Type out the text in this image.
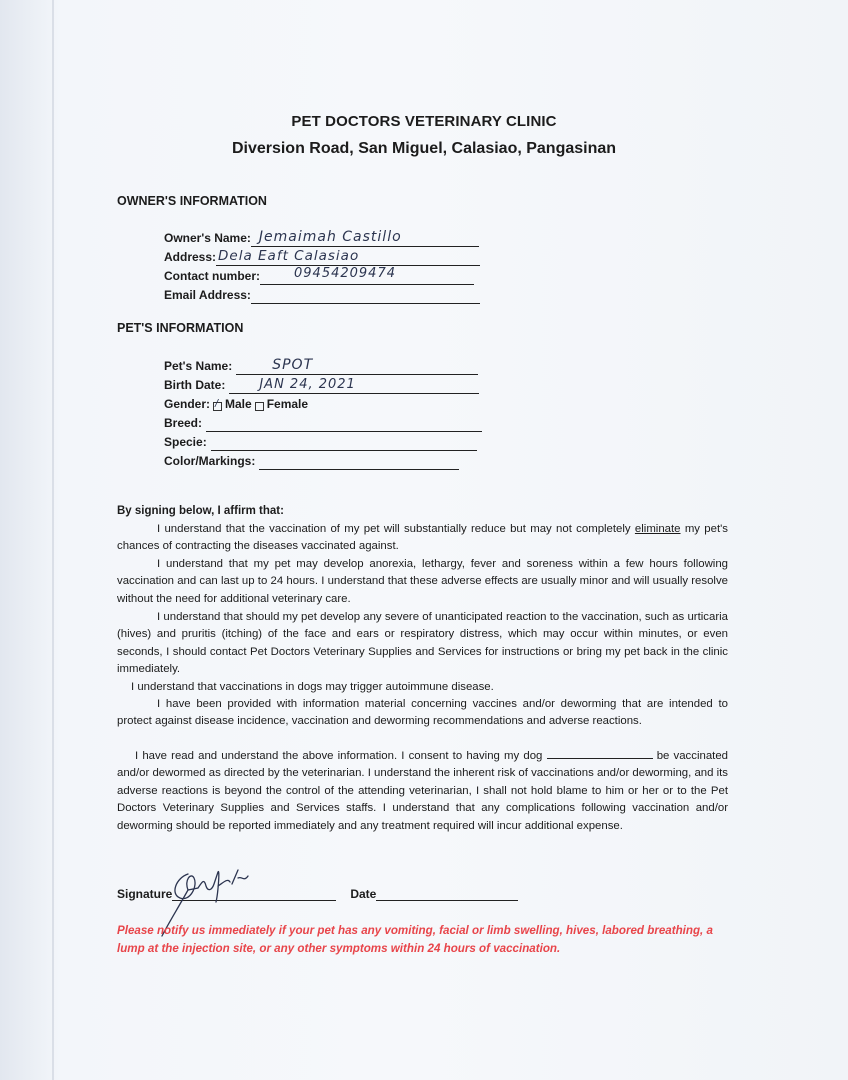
PET DOCTORS VETERINARY CLINIC
Diversion Road, San Miguel, Calasiao, Pangasinan
OWNER'S INFORMATION
Owner's Name: Jemaimah Castillo
Address: Dela Eaft Calasiao
Contact number:	09454209474
Email Address:
PET'S INFORMATION
Pet's Name:	SPOT
Birth Date:	JAN 24, 2021
Gender: / Male Female
Breed:
Specie:
Color/Markings:
By signing below, I affirm that:
I understand that the vaccination of my pet will substantially reduce but may not completely eliminate my pet's chances of contracting the diseases vaccinated against.
I understand that my pet may develop anorexia, lethargy, fever and soreness within a few hours following vaccination and can last up to 24 hours. I understand that these adverse effects are usually minor and will usually resolve without the need for additional veterinary care.
I understand that should my pet develop any severe of unanticipated reaction to the vaccination, such as urticaria (hives) and pruritis (itching) of the face and ears or respiratory distress, which may occur within minutes, or even seconds, I should contact Pet Doctors Veterinary Supplies and Services for instructions or bring my pet back in the clinic immediately.
I understand that vaccinations in dogs may trigger autoimmune disease.
I have been provided with information material concerning vaccines and/or deworming that are intended to protect against disease incidence, vaccination and deworming recommendations and adverse reactions.
I have read and understand the above information. I consent to having my dog	be vaccinated and/or dewormed as directed by the veterinarian. I understand the inherent risk of vaccinations and/or deworming, and its adverse reactions is beyond the control of the attending veterinarian, I shall not hold blame to him or her or to the Pet Doctors Veterinary Supplies and Services staffs. I understand that any complications following vaccination and/or deworming should be reported immediately and any treatment required will incur additional expense.
Signature	Date
Please notify us immediately if your pet has any vomiting, facial or limb swelling, hives, labored breathing, a lump at the injection site, or any other symptoms within 24 hours of vaccination.
